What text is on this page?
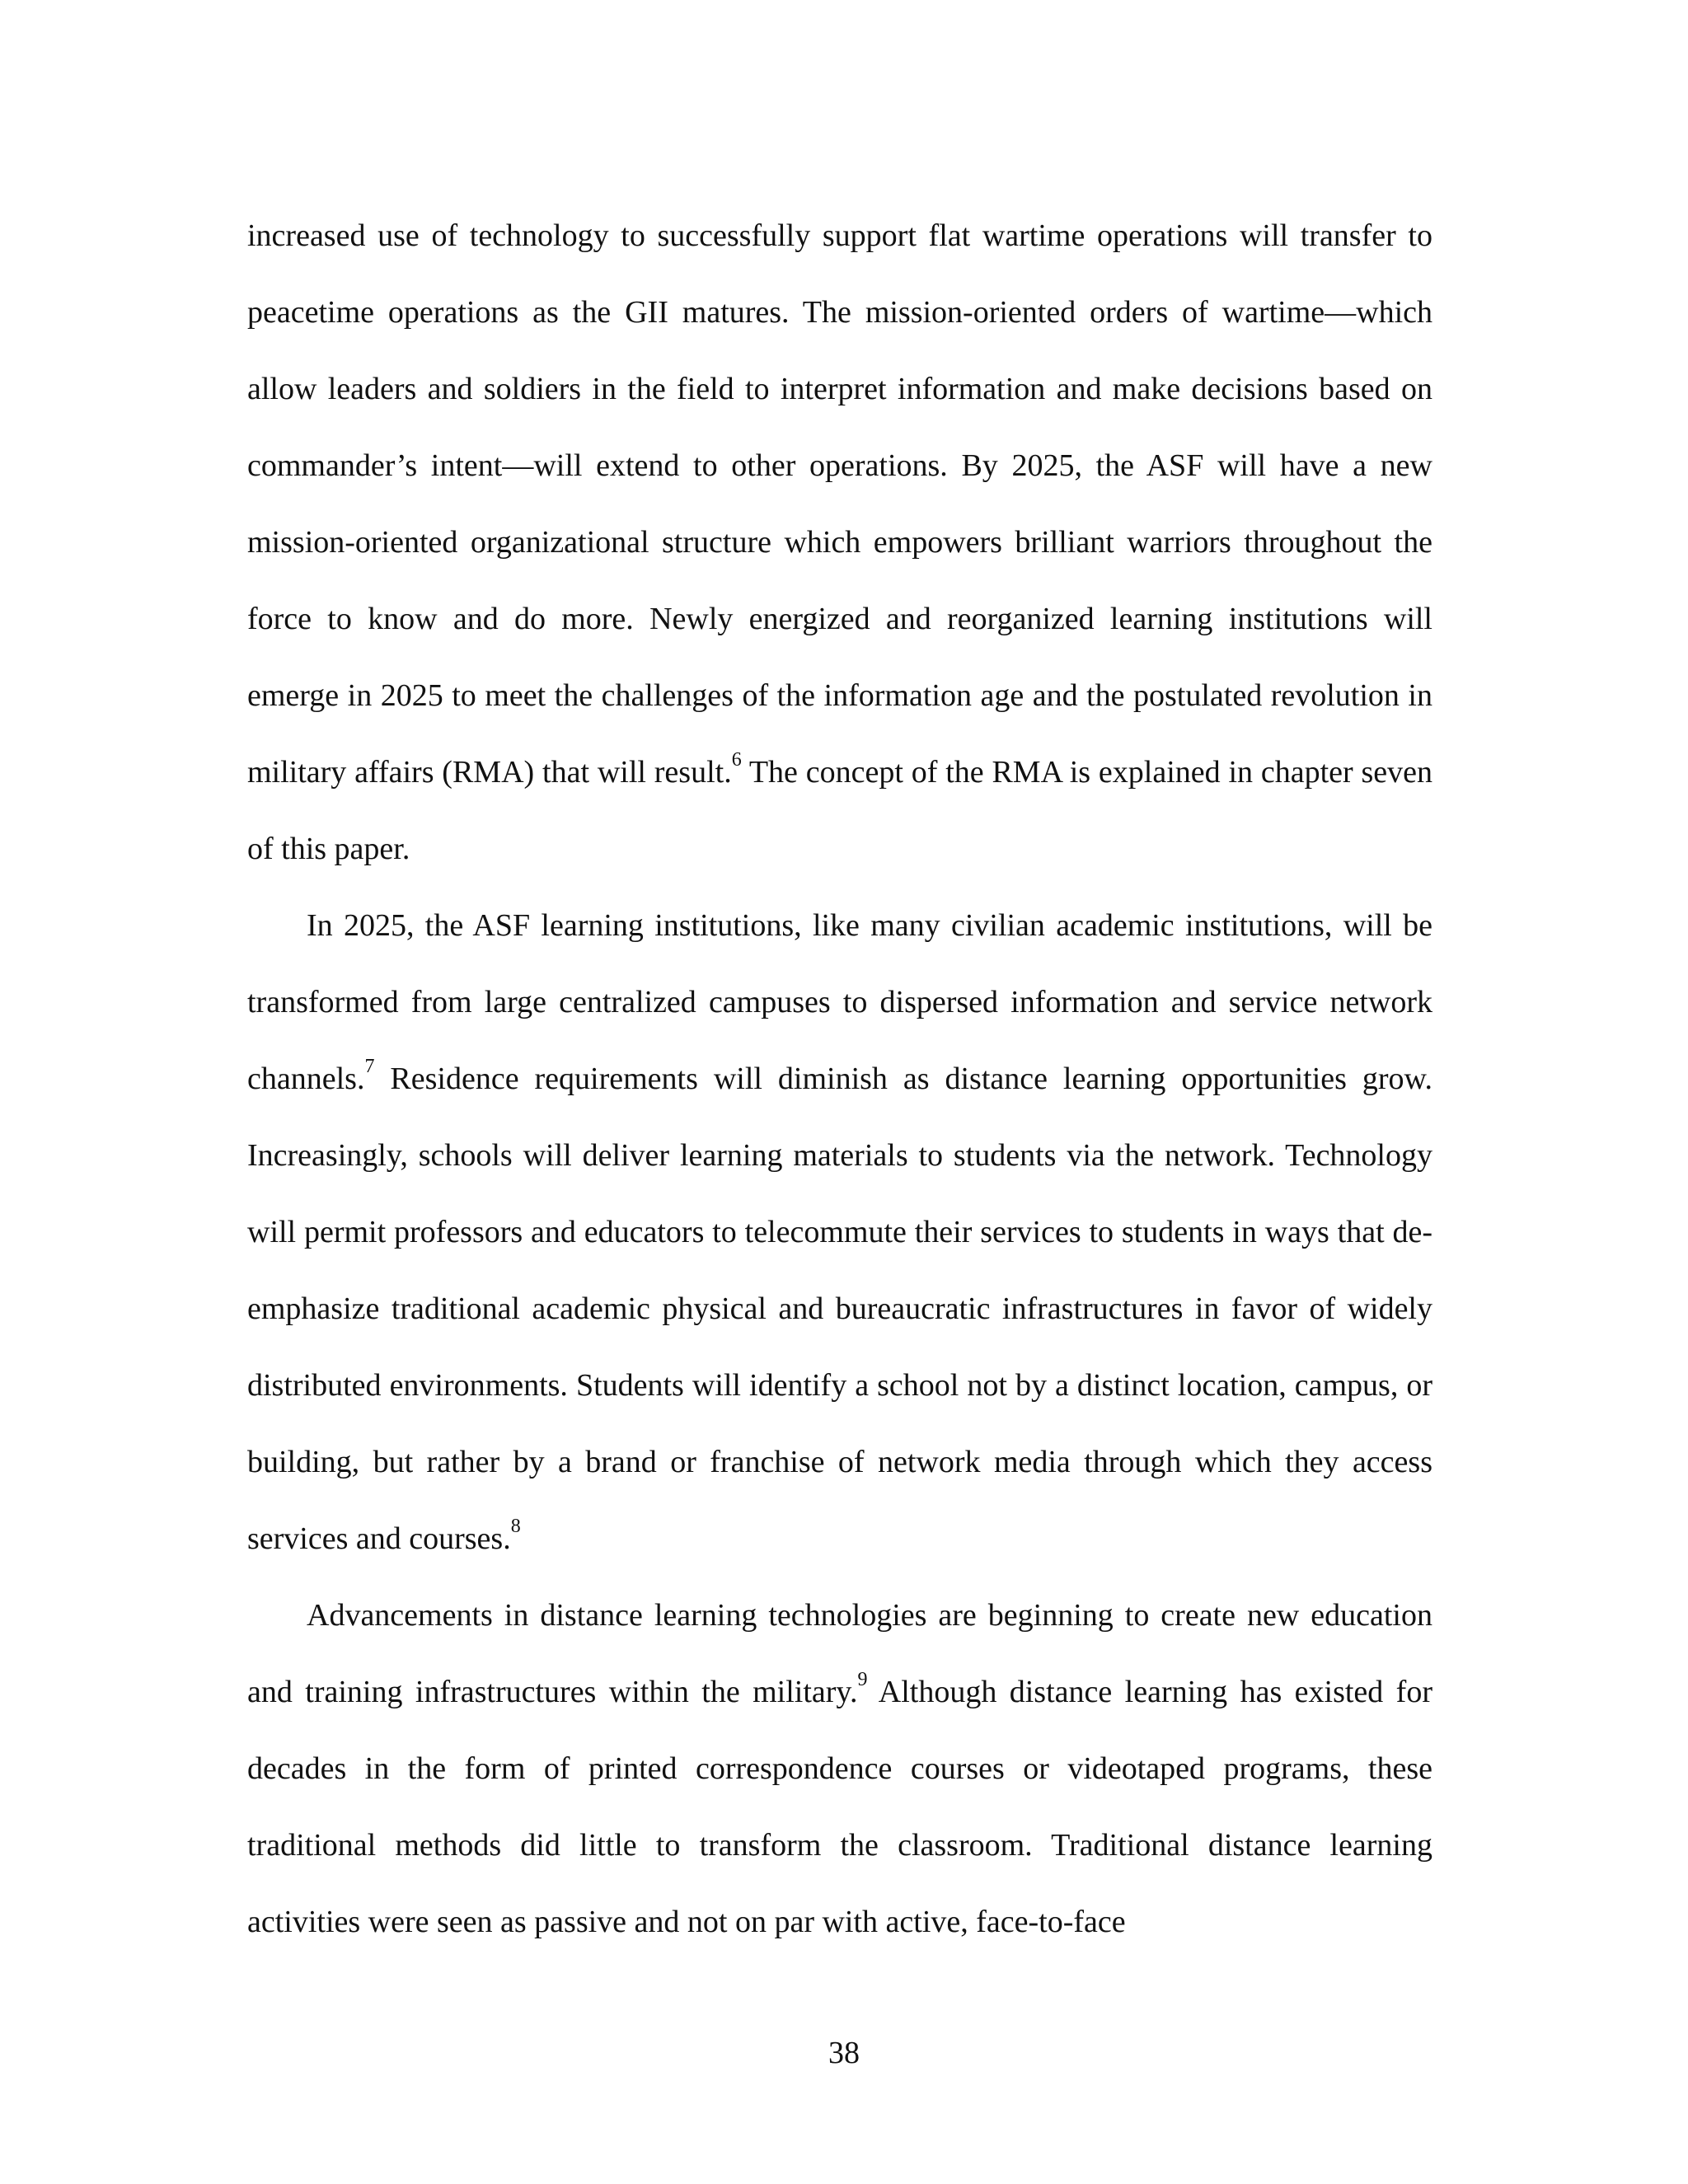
increased use of technology to successfully support flat wartime operations will transfer to peacetime operations as the GII matures. The mission-oriented orders of wartime—which allow leaders and soldiers in the field to interpret information and make decisions based on commander’s intent—will extend to other operations. By 2025, the ASF will have a new mission-oriented organizational structure which empowers brilliant warriors throughout the force to know and do more. Newly energized and reorganized learning institutions will emerge in 2025 to meet the challenges of the information age and the postulated revolution in military affairs (RMA) that will result.$^6$ The concept of the RMA is explained in chapter seven of this paper.

In 2025, the ASF learning institutions, like many civilian academic institutions, will be transformed from large centralized campuses to dispersed information and service network channels.$^7$ Residence requirements will diminish as distance learning opportunities grow. Increasingly, schools will deliver learning materials to students via the network. Technology will permit professors and educators to telecommute their services to students in ways that de-emphasize traditional academic physical and bureaucratic infrastructures in favor of widely distributed environments. Students will identify a school not by a distinct location, campus, or building, but rather by a brand or franchise of network media through which they access services and courses.$^8$

Advancements in distance learning technologies are beginning to create new education and training infrastructures within the military.$^9$ Although distance learning has existed for decades in the form of printed correspondence courses or videotaped programs, these traditional methods did little to transform the classroom. Traditional distance learning activities were seen as passive and not on par with active, face-to-face

38
